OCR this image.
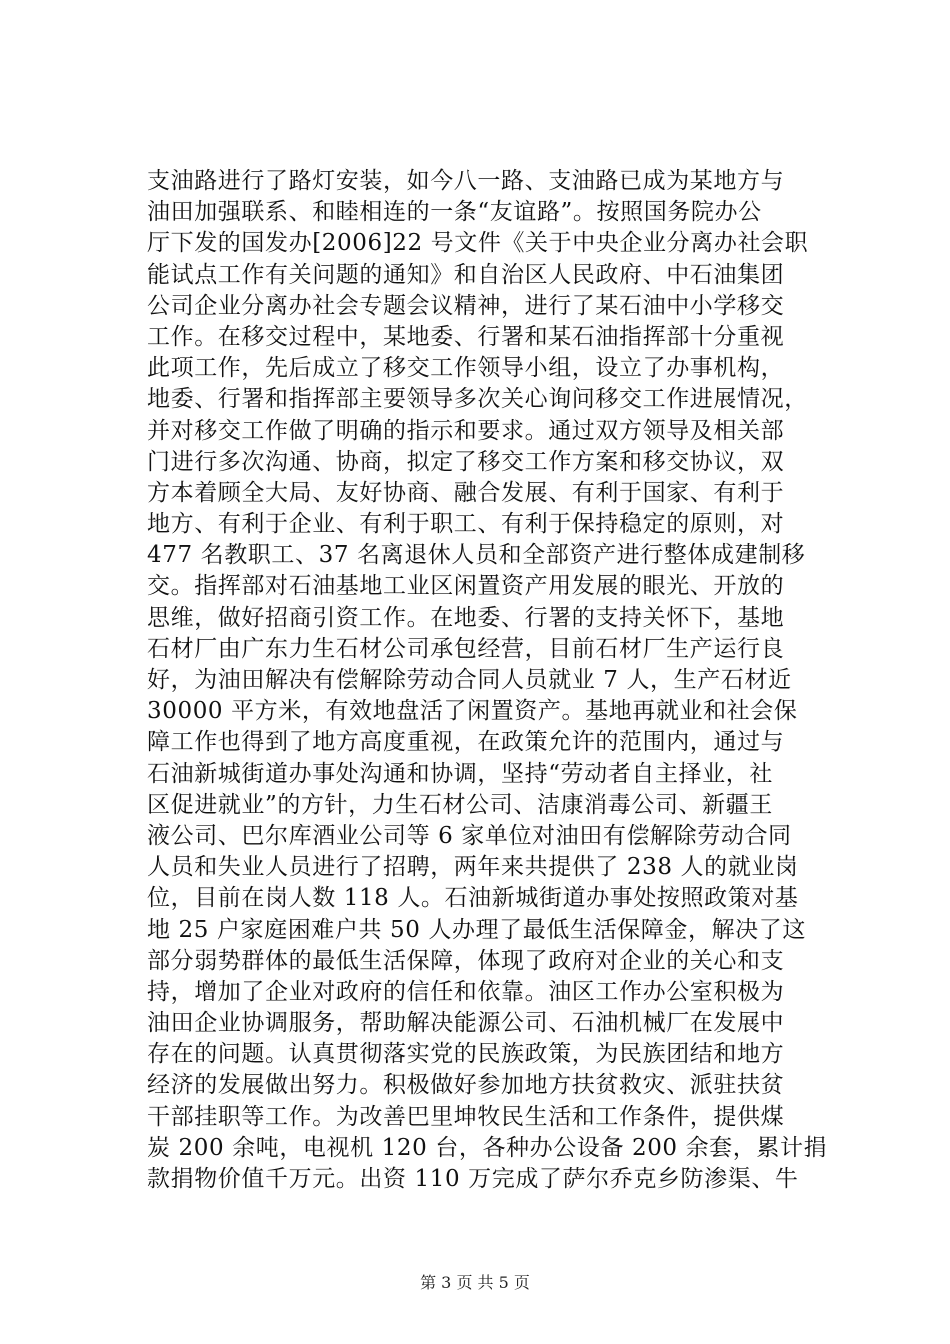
支油路进行了路灯安装，如今八一路、支油路已成为某地方与
油田加强联系、和睦相连的一条“友谊路”。按照国务院办公
厅下发的国发办[2006]22 号文件《关于中央企业分离办社会职
能试点工作有关问题的通知》和自治区人民政府、中石油集团
公司企业分离办社会专题会议精神，进行了某石油中小学移交
工作。在移交过程中，某地委、行署和某石油指挥部十分重视
此项工作，先后成立了移交工作领导小组，设立了办事机构，
地委、行署和指挥部主要领导多次关心询问移交工作进展情况，
并对移交工作做了明确的指示和要求。通过双方领导及相关部
门进行多次沟通、协商，拟定了移交工作方案和移交协议，双
方本着顾全大局、友好协商、融合发展、有利于国家、有利于
地方、有利于企业、有利于职工、有利于保持稳定的原则，对
477 名教职工、37 名离退休人员和全部资产进行整体成建制移
交。指挥部对石油基地工业区闲置资产用发展的眼光、开放的
思维，做好招商引资工作。在地委、行署的支持关怀下，基地
石材厂由广东力生石材公司承包经营，目前石材厂生产运行良
好，为油田解决有偿解除劳动合同人员就业 7 人，生产石材近
30000 平方米，有效地盘活了闲置资产。基地再就业和社会保
障工作也得到了地方高度重视，在政策允许的范围内，通过与
石油新城街道办事处沟通和协调，坚持“劳动者自主择业，社
区促进就业”的方针，力生石材公司、洁康消毒公司、新疆王
液公司、巴尔库酒业公司等 6 家单位对油田有偿解除劳动合同
人员和失业人员进行了招聘，两年来共提供了 238 人的就业岗
位，目前在岗人数 118 人。石油新城街道办事处按照政策对基
地 25 户家庭困难户共 50 人办理了最低生活保障金，解决了这
部分弱势群体的最低生活保障，体现了政府对企业的关心和支
持，增加了企业对政府的信任和依靠。油区工作办公室积极为
油田企业协调服务，帮助解决能源公司、石油机械厂在发展中
存在的问题。认真贯彻落实党的民族政策，为民族团结和地方
经济的发展做出努力。积极做好参加地方扶贫救灾、派驻扶贫
干部挂职等工作。为改善巴里坤牧民生活和工作条件，提供煤
炭 200 余吨，电视机 120 台，各种办公设备 200 余套，累计捐
款捐物价值千万元。出资 110 万完成了萨尔乔克乡防渗渠、牛
第 3 页 共 5 页
